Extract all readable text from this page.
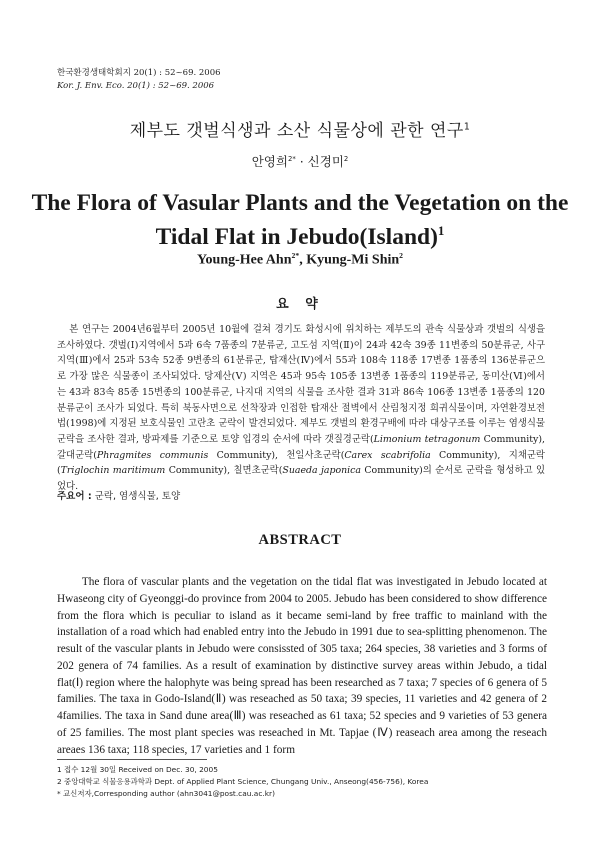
한국환경생태학회지 20(1) : 52~69. 2006
Kor. J. Env. Eco. 20(1) : 52~69. 2006
제부도 갯벌식생과 소산 식물상에 관한 연구$^1$
안영희$^{2*}$ · 신경미$^2$
The Flora of Vasular Plants and the Vegetation on the
Tidal Flat in Jebudo(Island)$^1$
Young-Hee Ahn$^{2*}$, Kyung-Mi Shin$^2$
요 약

본 연구는 2004년6월부터 2005년 10월에 걸쳐 경기도 화성시에 위치하는 제부도의 관속 식물상과 갯벌의 식생을 조사하였다. 갯벌(Ⅰ)지역에서 5과 6속 7품종의 7분류군, 고도섬 지역(Ⅱ)이 24과 42속 39종 11변종의 50분류군, 사구지역(Ⅲ)에서 25과 53속 52종 9변종의 61분류군, 탑재산(Ⅳ)에서 55과 108속 118종 17변종 1품종의 136분류군으로 가장 많은 식물종이 조사되었다. 당제산(Ⅴ) 지역은 45과 95속 105종 13변종 1품종의 119분류군, 동미산(Ⅵ)에서는 43과 83속 85종 15변종의 100분류군, 나지대 지역의 식물을 조사한 결과 31과 86속 106종 13변종 1품종의 120분류군이 조사가 되었다. 특히 북동사면으로 선착장과 인접한 탑재산 절벽에서 산림청지정 희귀식물이며, 자연환경보전법(1998)에 지정된 보호식물인 고란초 군락이 발견되었다. 제부도 갯벌의 환경구배에 따라 대상구조를 이루는 염생식물 군락을 조사한 결과, 방파제를 기준으로 토양 입경의 순서에 따라 갯질경군락(Limonium tetragonum Community), 갈대군락(Phragmites communis Community), 천일사초군락(Carex scabrifolia Community), 지채군락(Triglochin maritimum Community), 칠면초군락(Suaeda japonica Community)의 순서로 군락을 형성하고 있었다.

주요어 : 군락, 염생식물, 토양
ABSTRACT

The flora of vascular plants and the vegetation on the tidal flat was investigated in Jebudo located at Hwaseong city of Gyeonggi-do province from 2004 to 2005. Jebudo has been considered to show difference from the flora which is peculiar to island as it became semi-land by free traffic to mainland with the installation of a road which had enabled entry into the Jebudo in 1991 due to sea-splitting phenomenon. The result of the vascular plants in Jebudo were consissted of 305 taxa; 264 species, 38 varieties and 3 forms of 202 genera of 74 families. As a result of examination by distinctive survey areas within Jebudo, a tidal flat(Ⅰ) region where the halophyte was being spread has been researched as 7 taxa; 7 species of 6 genera of 5 families. The taxa in Godo-Island(Ⅱ) was reseached as 50 taxa; 39 species, 11 varieties and 42 genera of 2 4families. The taxa in Sand dune area(Ⅲ) was reseached as 61 taxa; 52 species and 9 varieties of 53 genera of 25 families. The most plant species was reseached in Mt. Tapjae (Ⅳ) reaseach area among the reseach areaes 136 taxa; 118 species, 17 varieties and 1 form

1 접수 12월 30일 Received on Dec. 30, 2005
2 중앙대학교 식물응용과학과 Dept. of Applied Plant Science, Chungang Univ., Anseong(456-756), Korea
* 교신저자,Corresponding author (ahn3041@post.cau.ac.kr)
